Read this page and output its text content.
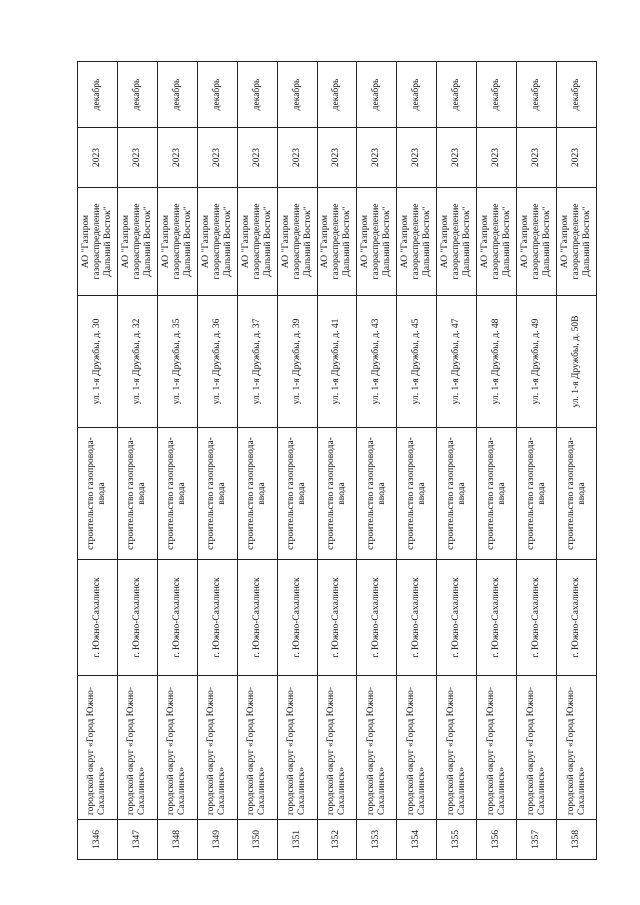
1346	городской округ «Город Южно-Сахалинск»	г. Южно-Сахалинск	строительство газопровода-ввода	ул. 1-я Дружбы, д. 30	АО "Газпром газораспределение Дальний Восток"	2023	декабрь
1347	городской округ «Город Южно-Сахалинск»	г. Южно-Сахалинск	строительство газопровода-ввода	ул. 1-я Дружбы, д. 32	АО "Газпром газораспределение Дальний Восток"	2023	декабрь
1348	городской округ «Город Южно-Сахалинск»	г. Южно-Сахалинск	строительство газопровода-ввода	ул. 1-я Дружбы, д. 35	АО "Газпром газораспределение Дальний Восток"	2023	декабрь
1349	городской округ «Город Южно-Сахалинск»	г. Южно-Сахалинск	строительство газопровода-ввода	ул. 1-я Дружбы, д. 36	АО "Газпром газораспределение Дальний Восток"	2023	декабрь
1350	городской округ «Город Южно-Сахалинск»	г. Южно-Сахалинск	строительство газопровода-ввода	ул. 1-я Дружбы, д. 37	АО "Газпром газораспределение Дальний Восток"	2023	декабрь
1351	городской округ «Город Южно-Сахалинск»	г. Южно-Сахалинск	строительство газопровода-ввода	ул. 1-я Дружбы, д. 39	АО "Газпром газораспределение Дальний Восток"	2023	декабрь
1352	городской округ «Город Южно-Сахалинск»	г. Южно-Сахалинск	строительство газопровода-ввода	ул. 1-я Дружбы, д. 41	АО "Газпром газораспределение Дальний Восток"	2023	декабрь
1353	городской округ «Город Южно-Сахалинск»	г. Южно-Сахалинск	строительство газопровода-ввода	ул. 1-я Дружбы, д. 43	АО "Газпром газораспределение Дальний Восток"	2023	декабрь
1354	городской округ «Город Южно-Сахалинск»	г. Южно-Сахалинск	строительство газопровода-ввода	ул. 1-я Дружбы, д. 45	АО "Газпром газораспределение Дальний Восток"	2023	декабрь
1355	городской округ «Город Южно-Сахалинск»	г. Южно-Сахалинск	строительство газопровода-ввода	ул. 1-я Дружбы, д. 47	АО "Газпром газораспределение Дальний Восток"	2023	декабрь
1356	городской округ «Город Южно-Сахалинск»	г. Южно-Сахалинск	строительство газопровода-ввода	ул. 1-я Дружбы, д. 48	АО "Газпром газораспределение Дальний Восток"	2023	декабрь
1357	городской округ «Город Южно-Сахалинск»	г. Южно-Сахалинск	строительство газопровода-ввода	ул. 1-я Дружбы, д. 49	АО "Газпром газораспределение Дальний Восток"	2023	декабрь
1358	городской округ «Город Южно-Сахалинск»	г. Южно-Сахалинск	строительство газопровода-ввода	ул. 1-я Дружбы, д. 50В	АО "Газпром газораспределение Дальний Восток"	2023	декабрь
